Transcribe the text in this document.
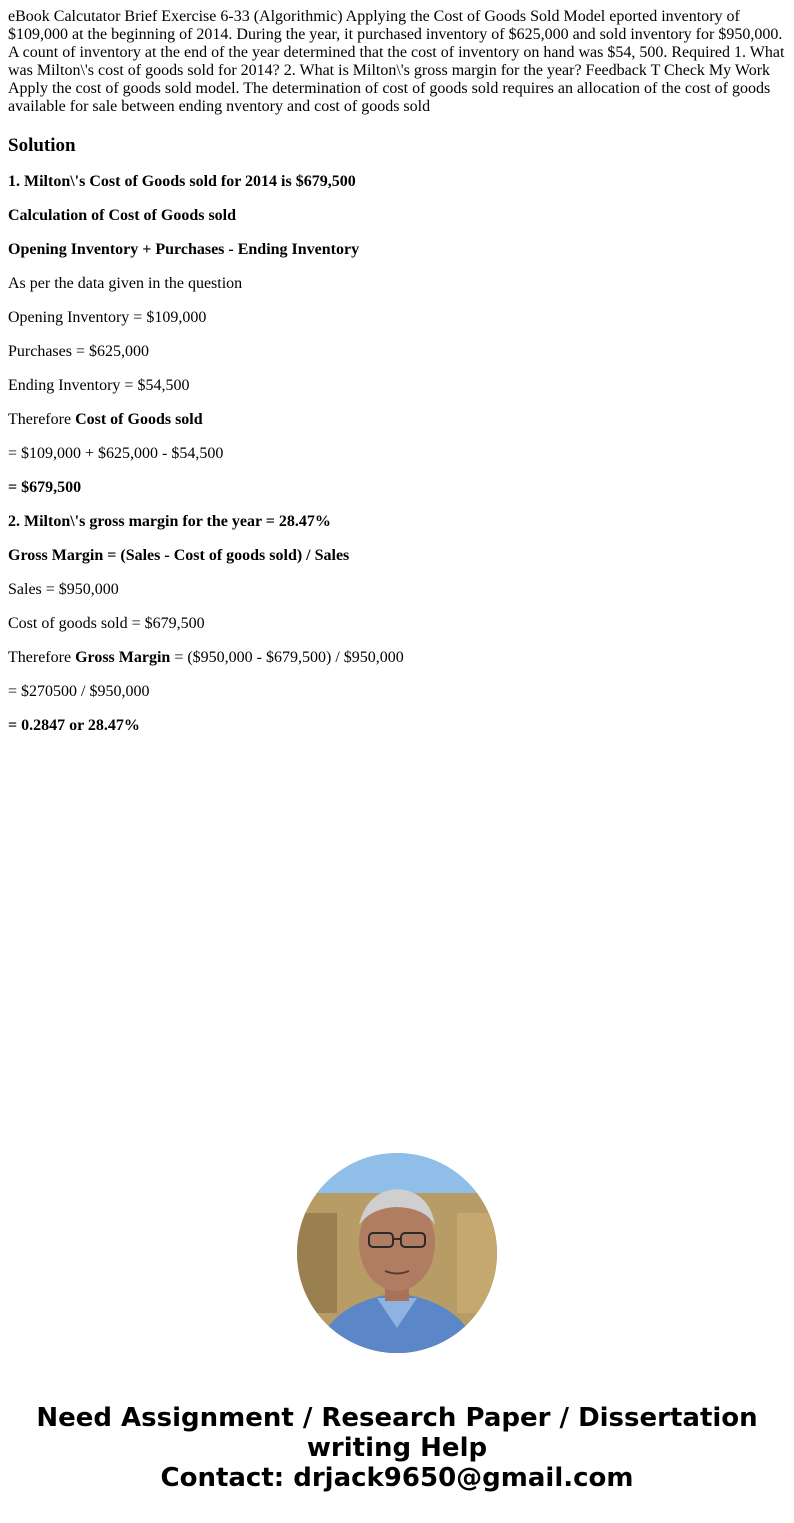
eBook Calcutator Brief Exercise 6-33 (Algorithmic) Applying the Cost of Goods Sold Model eported inventory of $109,000 at the beginning of 2014. During the year, it purchased inventory of $625,000 and sold inventory for $950,000. A count of inventory at the end of the year determined that the cost of inventory on hand was $54, 500. Required 1. What was Milton\'s cost of goods sold for 2014? 2. What is Milton\'s gross margin for the year? Feedback T Check My Work Apply the cost of goods sold model. The determination of cost of goods sold requires an allocation of the cost of goods available for sale between ending nventory and cost of goods sold
Solution

1. Milton\'s Cost of Goods sold for 2014 is $679,500

Calculation of Cost of Goods sold

Opening Inventory + Purchases - Ending Inventory

As per the data given in the question

Opening Inventory = $109,000

Purchases = $625,000

Ending Inventory = $54,500

Therefore Cost of Goods sold

= $109,000 + $625,000 - $54,500

= $679,500

2. Milton\'s gross margin for the year = 28.47%

Gross Margin = (Sales - Cost of goods sold) / Sales

Sales = $950,000

Cost of goods sold = $679,500

Therefore Gross Margin = ($950,000 - $679,500) / $950,000

= $270500 / $950,000

= 0.2847 or 28.47%

Need Assignment / Research Paper / Dissertation
writing Help
Contact: drjack9650@gmail.com
